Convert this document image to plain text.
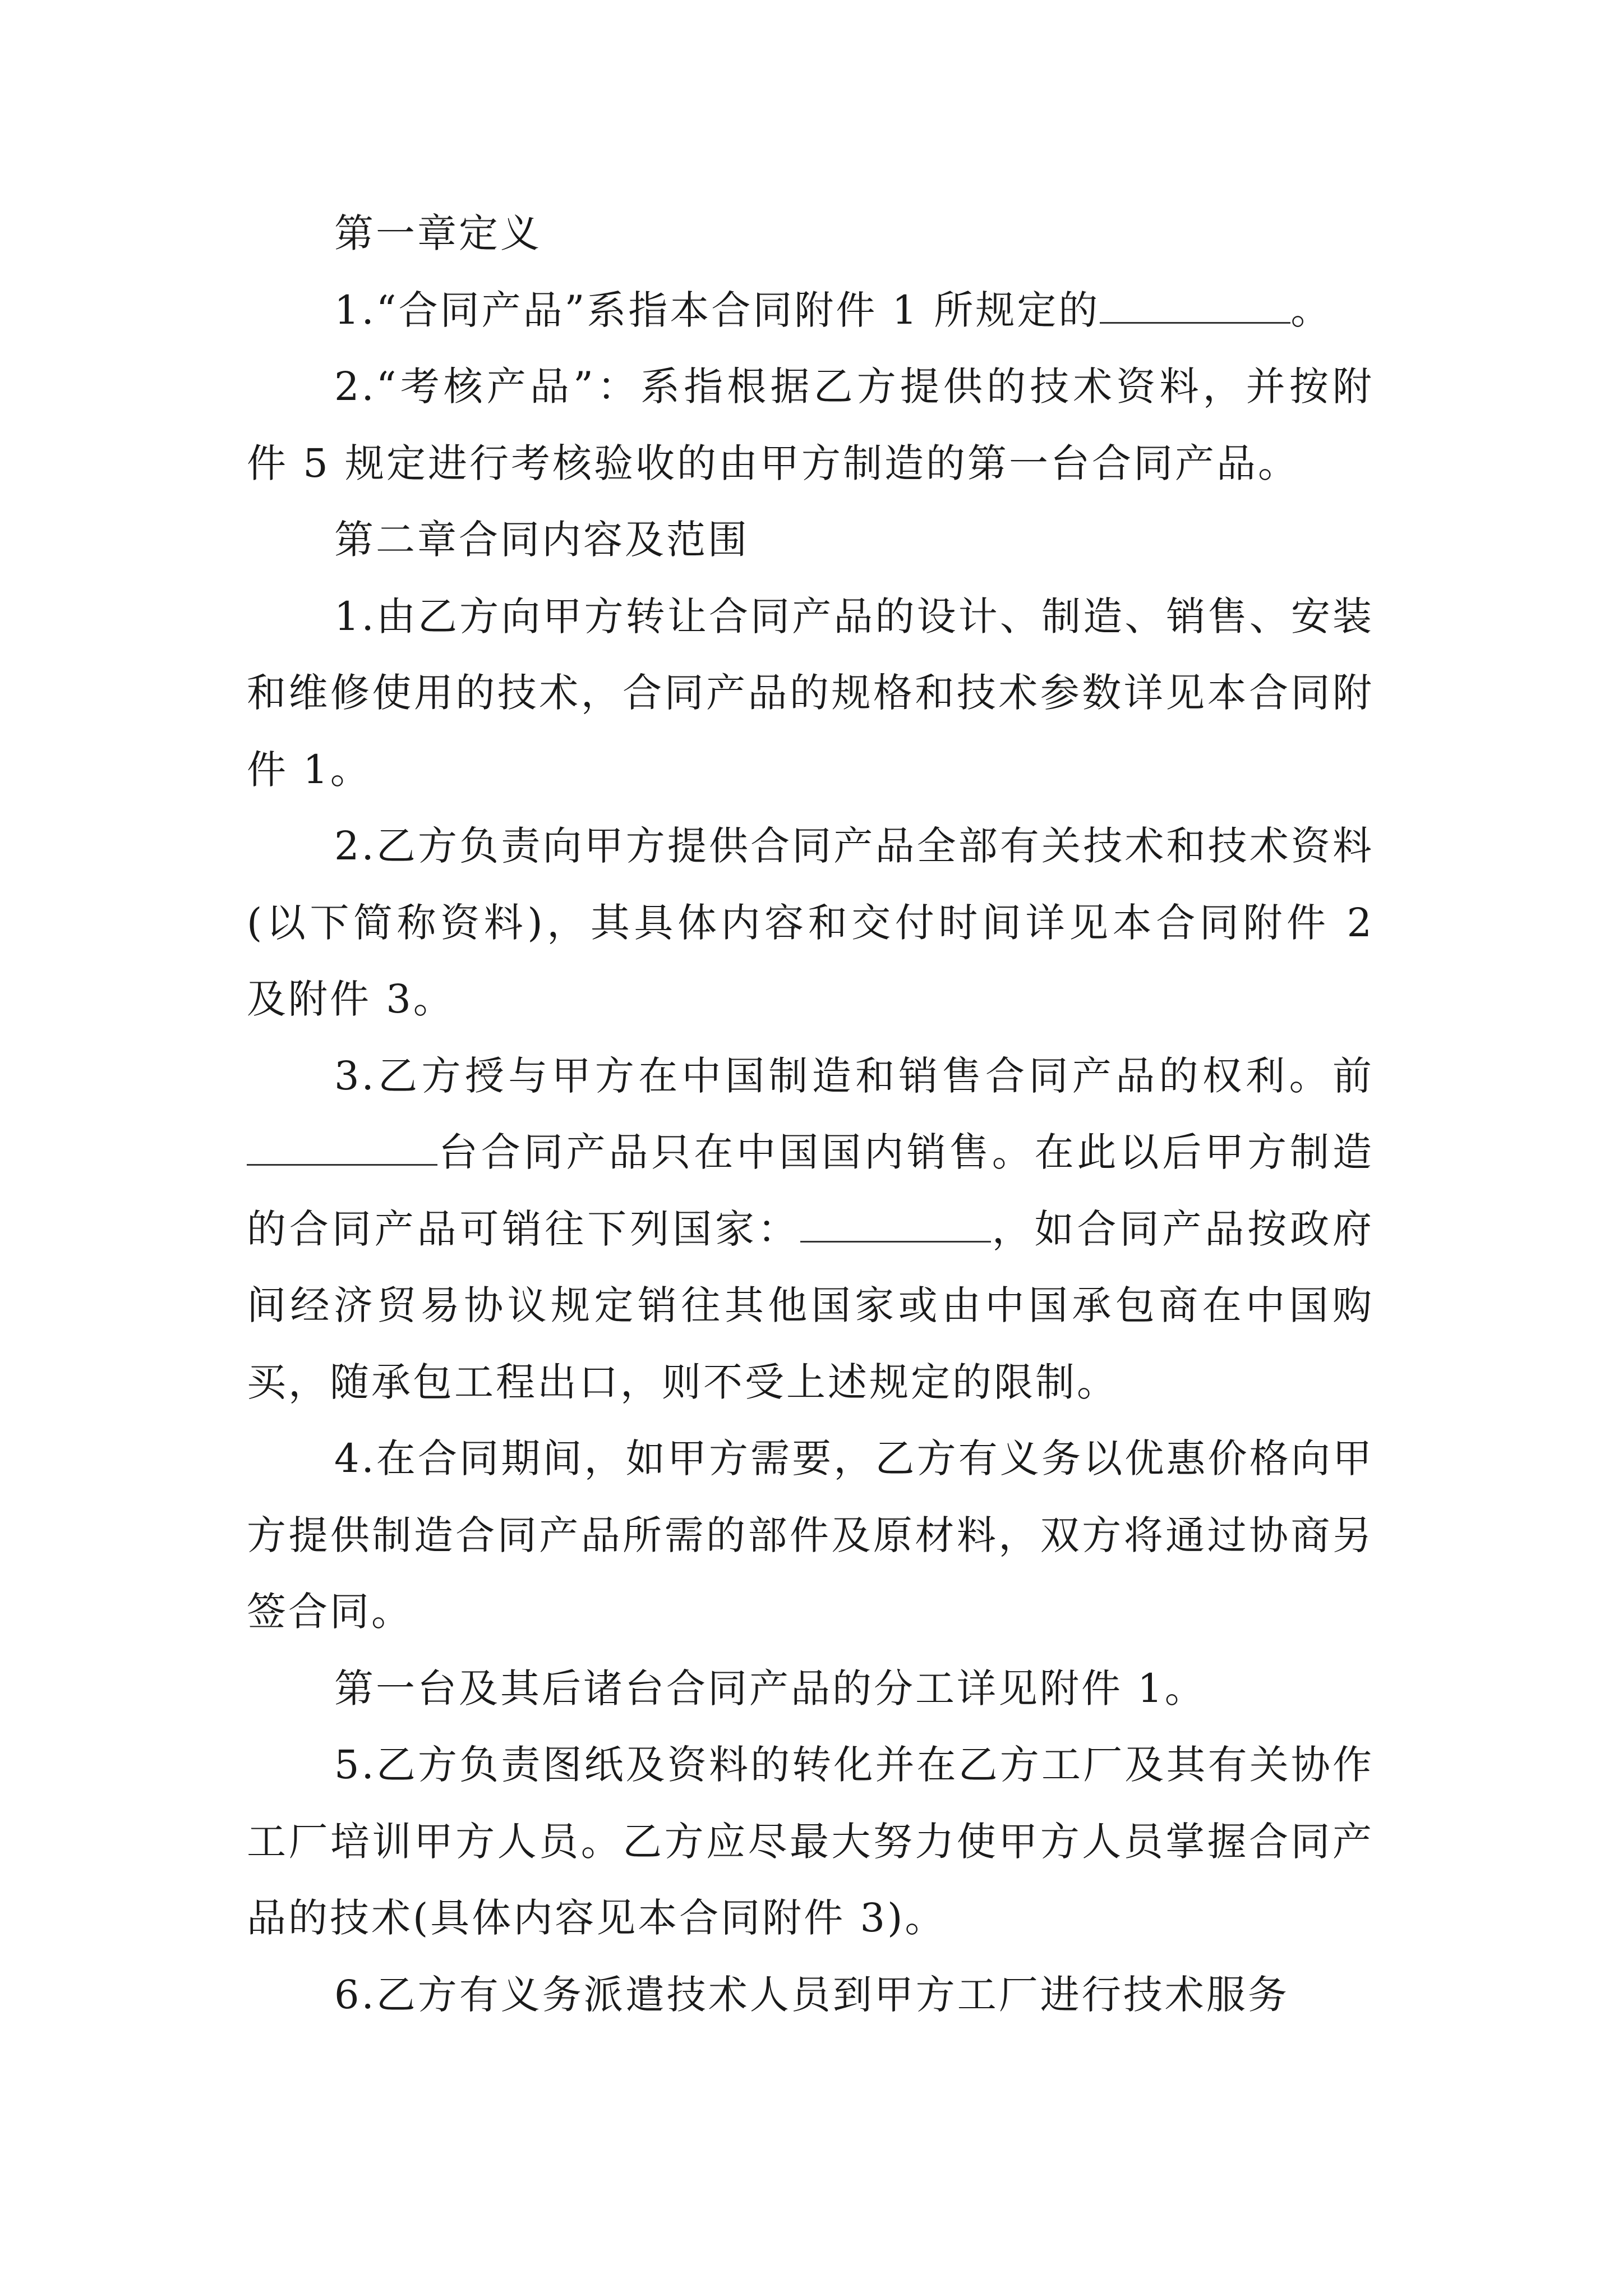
第一章定义

1.“合同产品”系指本合同附件 1 所规定的	。

2.“考核产品”：系指根据乙方提供的技术资料，并按附件 5 规定进行考核验收的由甲方制造的第一台合同产品。

第二章合同内容及范围

1.由乙方向甲方转让合同产品的设计、制造、销售、安装和维修使用的技术，合同产品的规格和技术参数详见本合同附件 1。

2.乙方负责向甲方提供合同产品全部有关技术和技术资料(以下简称资料)，其具体内容和交付时间详见本合同附件 2 及附件 3。

3.乙方授与甲方在中国制造和销售合同产品的权利。前台合同产品只在中国国内销售。在此以后甲方制造的合同产品可销往下列国家：	，如合同产品按政府间经济贸易协议规定销往其他国家或由中国承包商在中国购买，随承包工程出口，则不受上述规定的限制。

4.在合同期间，如甲方需要，乙方有义务以优惠价格向甲方提供制造合同产品所需的部件及原材料，双方将通过协商另签合同。

第一台及其后诸台合同产品的分工详见附件 1。

5.乙方负责图纸及资料的转化并在乙方工厂及其有关协作工厂培训甲方人员。乙方应尽最大努力使甲方人员掌握合同产品的技术(具体内容见本合同附件 3)。

6.乙方有义务派遣技术人员到甲方工厂进行技术服务
